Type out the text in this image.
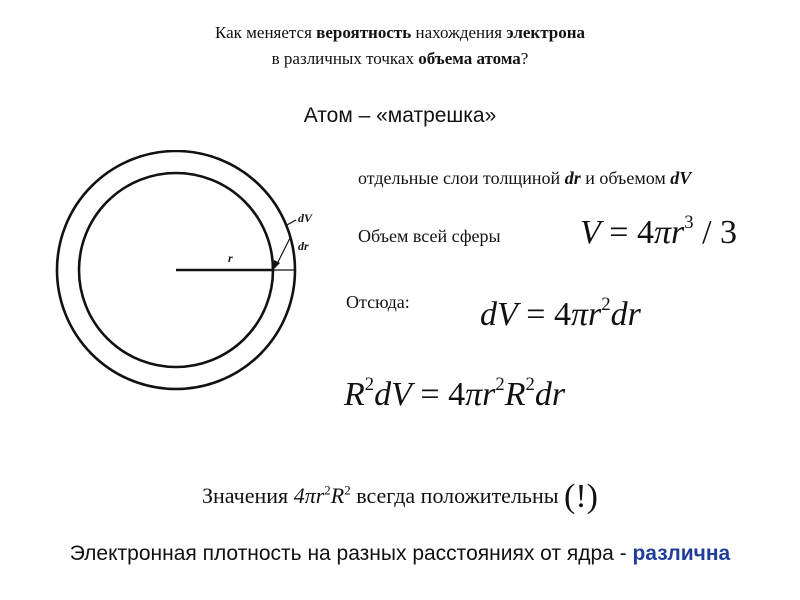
Как меняется вероятность нахождения электрона
в различных точках объема атома?
Атом – «матрешка»
dV
dr
r
отдельные слои толщиной dr и объемом dV
Объем всей сферы $V = 4\pi r^3 / 3$
Отсюда: dV = $4\pi r^2dr$
$R^2dV = 4\pi r^2R^2dr$
Значения $4\pi r^2R^2$ всегда положительны (!)
Электронная плотность на разных расстояниях от ядра - различна
